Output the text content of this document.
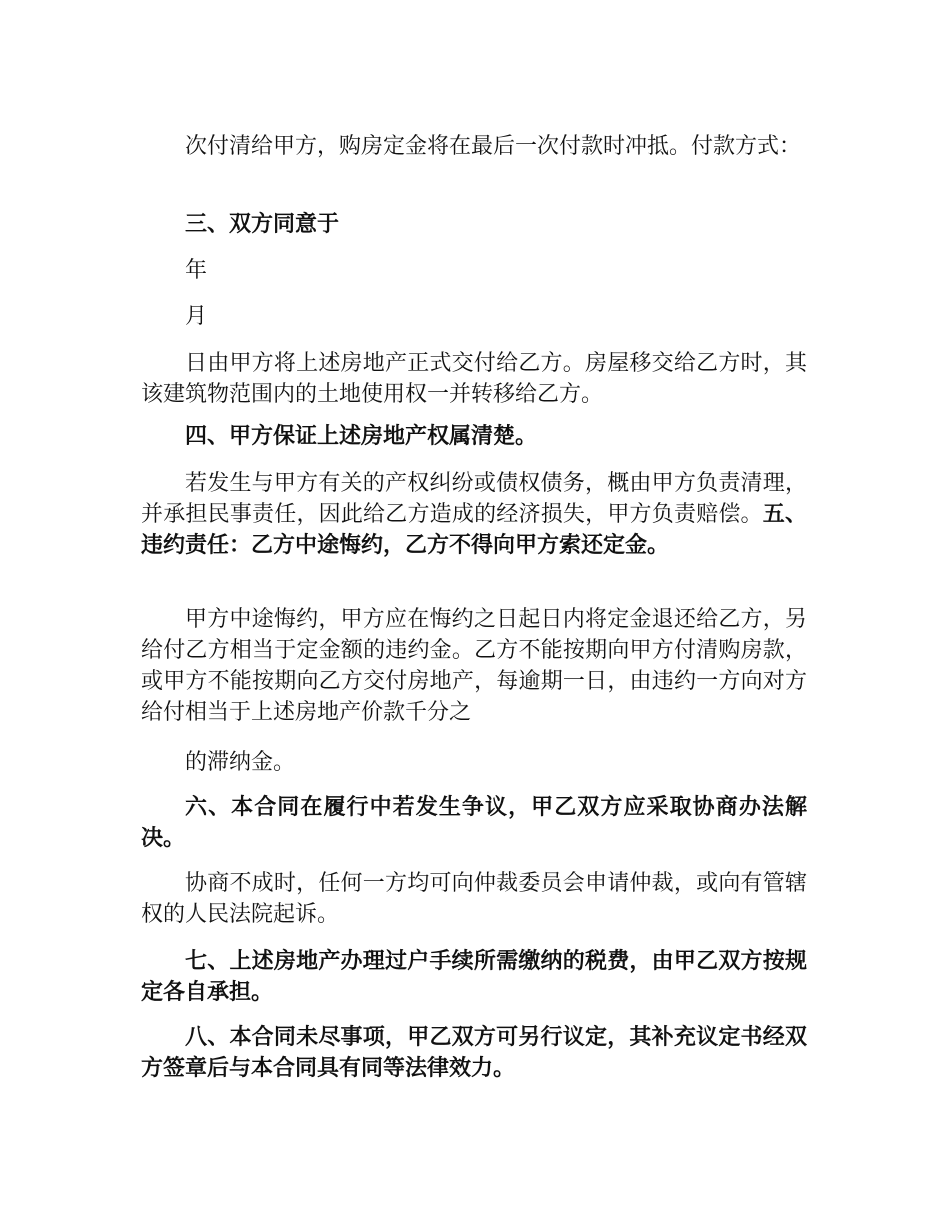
次付清给甲方，购房定金将在最后一次付款时冲抵。付款方式：

三、双方同意于

年

月

日由甲方将上述房地产正式交付给乙方。房屋移交给乙方时，其该建筑物范围内的土地使用权一并转移给乙方。

四、甲方保证上述房地产权属清楚。

若发生与甲方有关的产权纠纷或债权债务，概由甲方负责清理，并承担民事责任，因此给乙方造成的经济损失，甲方负责赔偿。五、违约责任：乙方中途悔约，乙方不得向甲方索还定金。

甲方中途悔约，甲方应在悔约之日起日内将定金退还给乙方，另给付乙方相当于定金额的违约金。乙方不能按期向甲方付清购房款，或甲方不能按期向乙方交付房地产，每逾期一日，由违约一方向对方给付相当于上述房地产价款千分之

的滞纳金。

六、本合同在履行中若发生争议，甲乙双方应采取协商办法解决。

协商不成时，任何一方均可向仲裁委员会申请仲裁，或向有管辖权的人民法院起诉。

七、上述房地产办理过户手续所需缴纳的税费，由甲乙双方按规定各自承担。

八、本合同未尽事项，甲乙双方可另行议定，其补充议定书经双方签章后与本合同具有同等法律效力。
